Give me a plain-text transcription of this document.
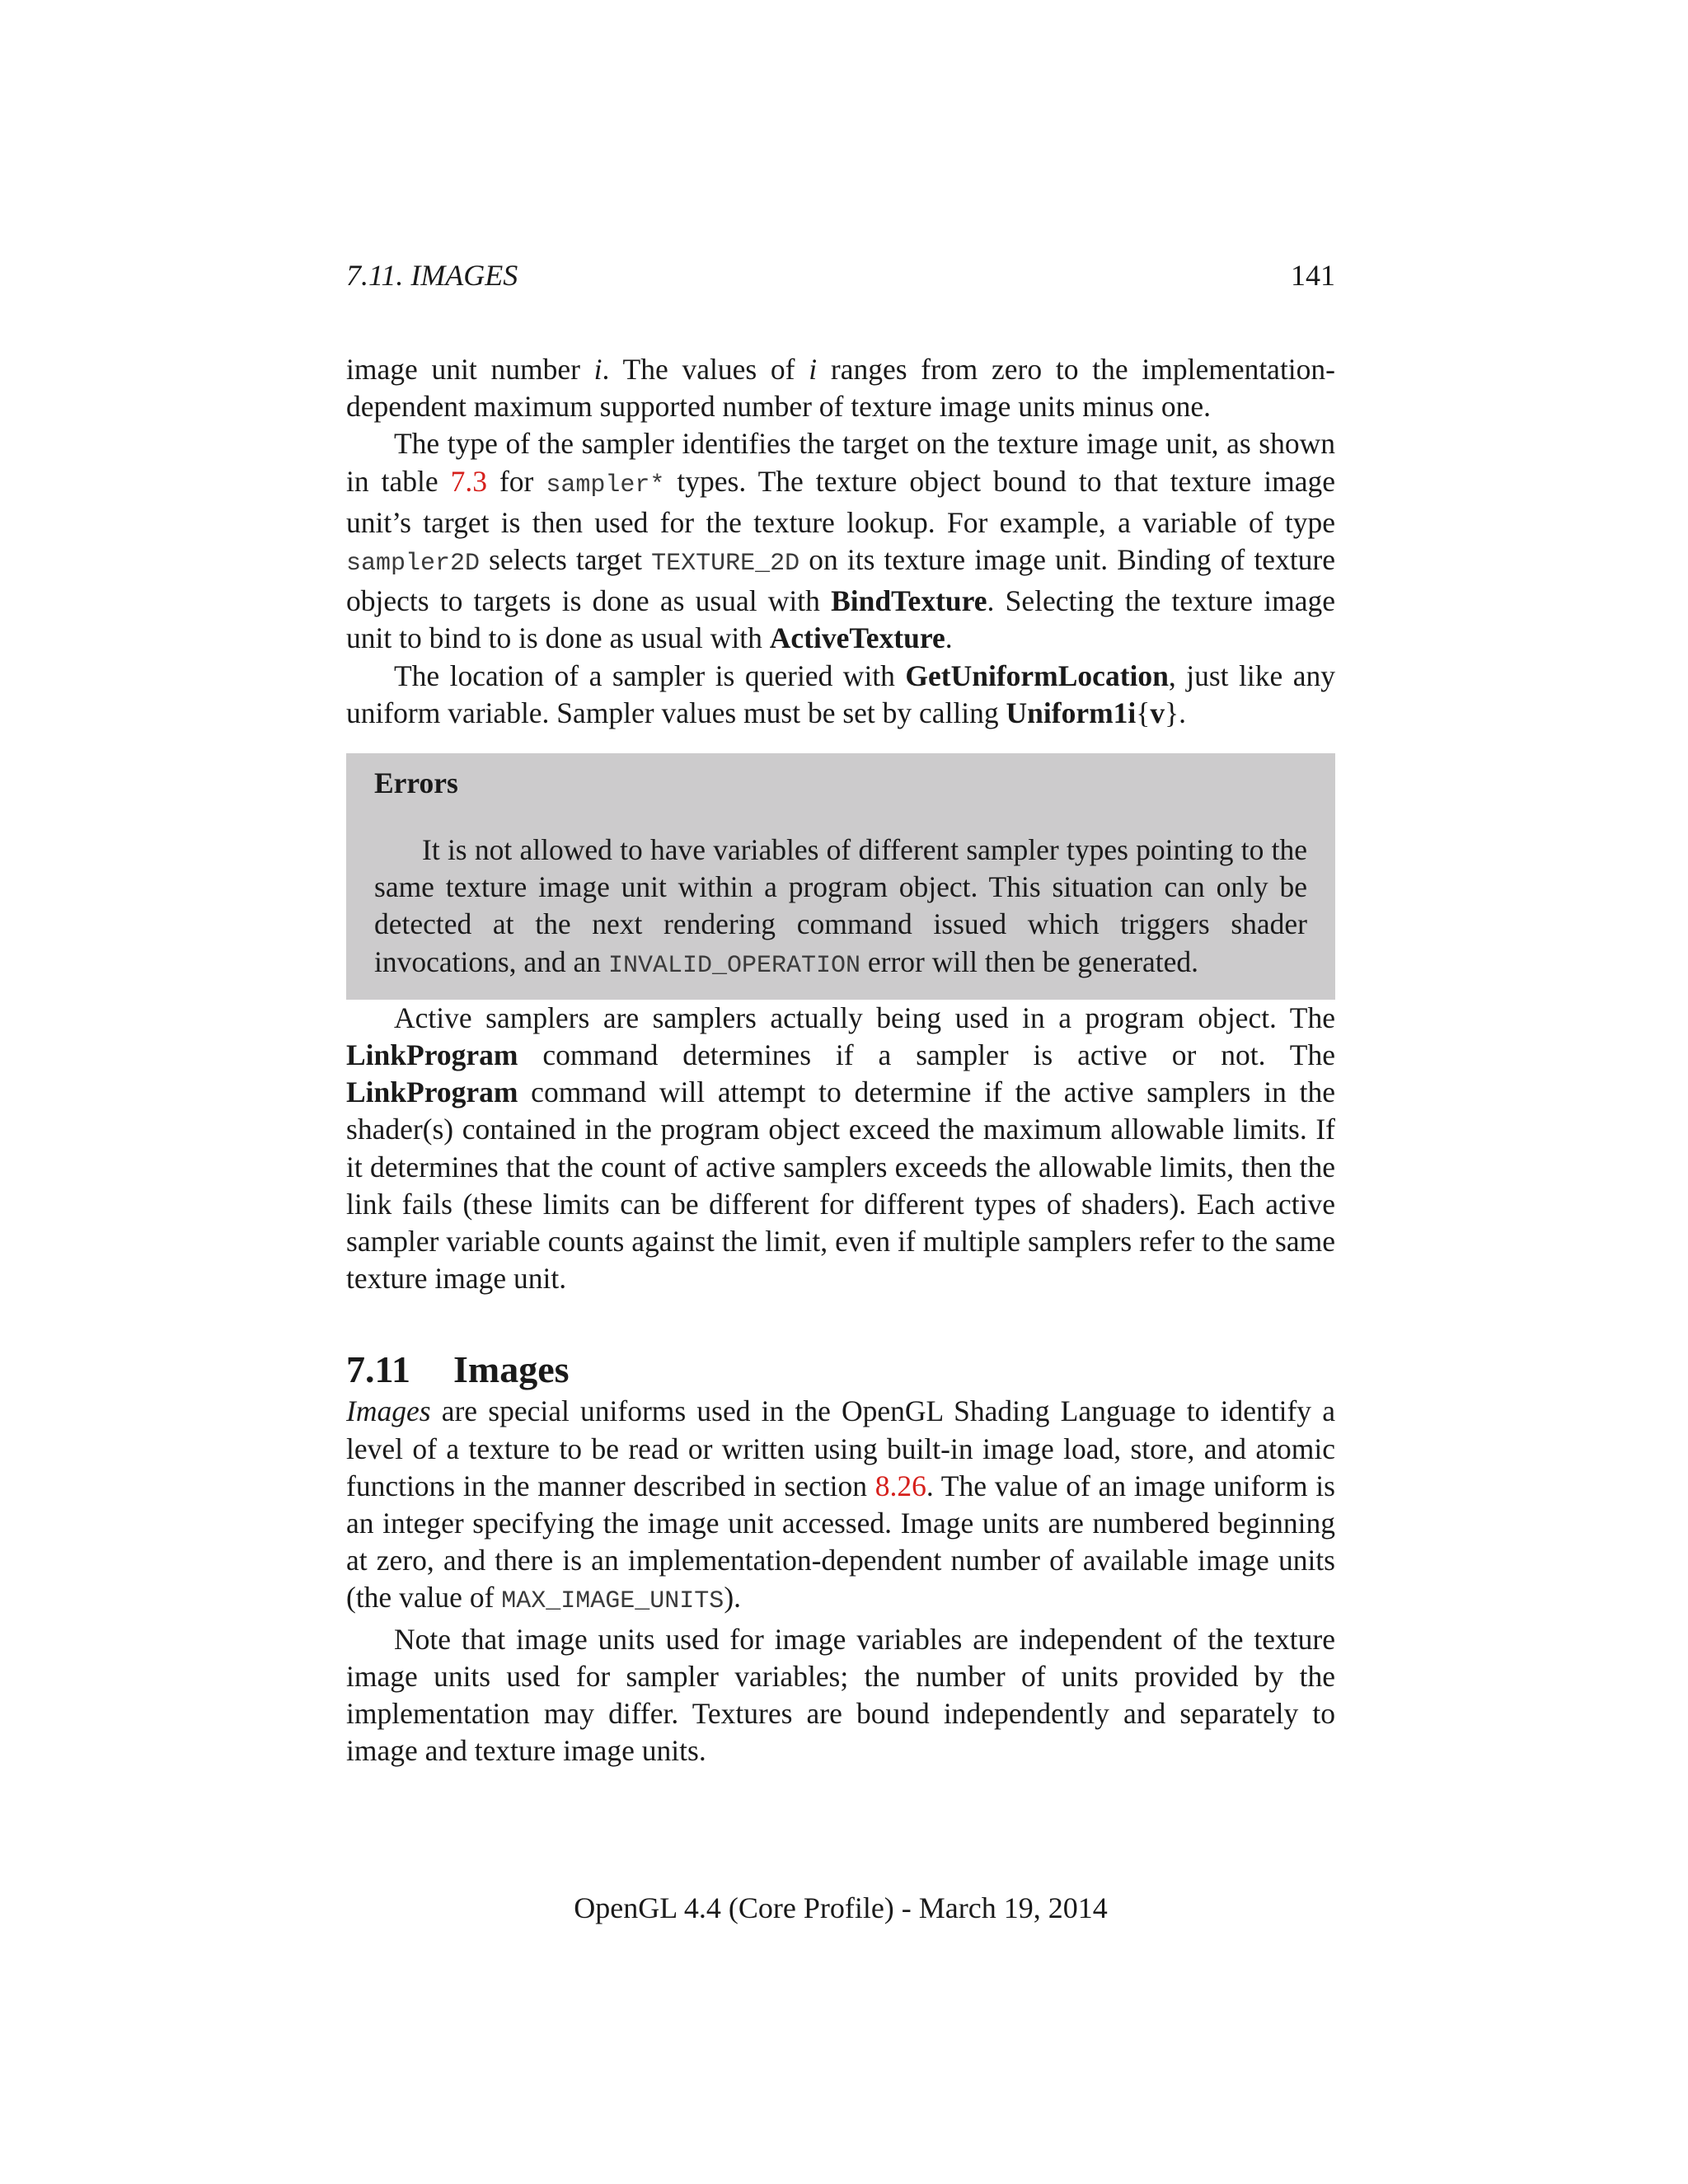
7.11. IMAGES	141

image unit number i. The values of i ranges from zero to the implementation-dependent maximum supported number of texture image units minus one.

The type of the sampler identifies the target on the texture image unit, as shown in table 7.3 for sampler* types. The texture object bound to that texture image unit’s target is then used for the texture lookup. For example, a variable of type sampler2D selects target TEXTURE_2D on its texture image unit. Binding of texture objects to targets is done as usual with BindTexture. Selecting the texture image unit to bind to is done as usual with ActiveTexture.

The location of a sampler is queried with GetUniformLocation, just like any uniform variable. Sampler values must be set by calling Uniform1i{v}.

Errors

It is not allowed to have variables of different sampler types pointing to the same texture image unit within a program object. This situation can only be detected at the next rendering command issued which triggers shader invocations, and an INVALID_OPERATION error will then be generated.

Active samplers are samplers actually being used in a program object. The LinkProgram command determines if a sampler is active or not. The LinkProgram command will attempt to determine if the active samplers in the shader(s) contained in the program object exceed the maximum allowable limits. If it determines that the count of active samplers exceeds the allowable limits, then the link fails (these limits can be different for different types of shaders). Each active sampler variable counts against the limit, even if multiple samplers refer to the same texture image unit.

7.11 Images

Images are special uniforms used in the OpenGL Shading Language to identify a level of a texture to be read or written using built-in image load, store, and atomic functions in the manner described in section 8.26. The value of an image uniform is an integer specifying the image unit accessed. Image units are numbered beginning at zero, and there is an implementation-dependent number of available image units (the value of MAX_IMAGE_UNITS).

Note that image units used for image variables are independent of the texture image units used for sampler variables; the number of units provided by the implementation may differ. Textures are bound independently and separately to image and texture image units.

OpenGL 4.4 (Core Profile) - March 19, 2014
